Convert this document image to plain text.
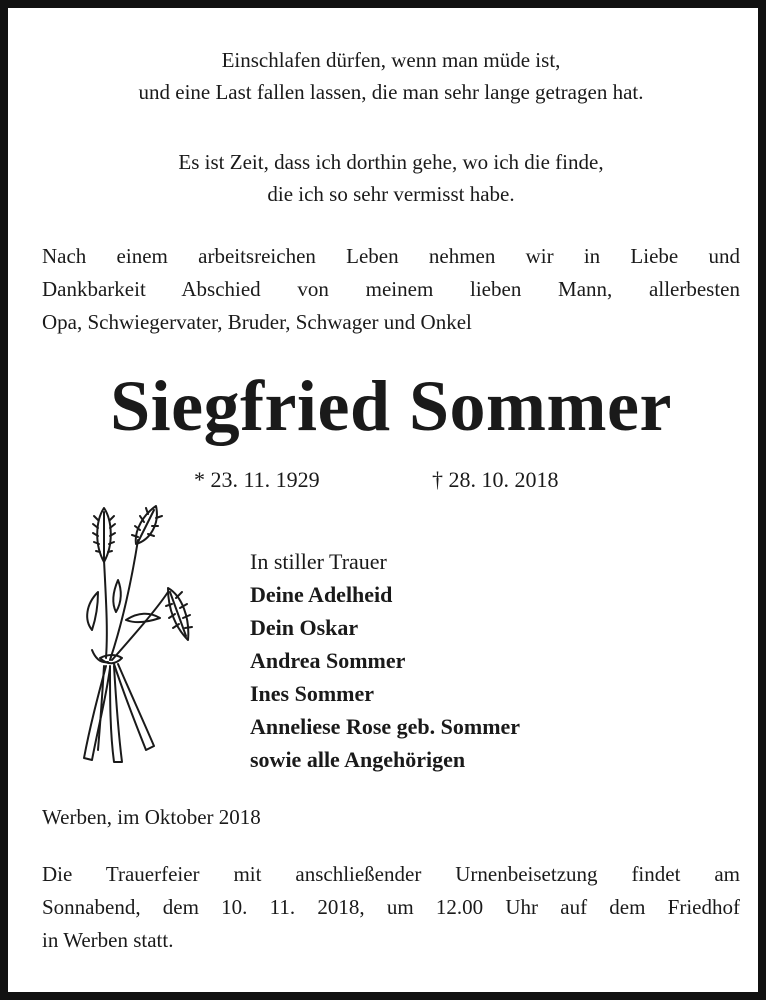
Einschlafen dürfen, wenn man müde ist,

und eine Last fallen lassen, die man sehr lange getragen hat.

Es ist Zeit, dass ich dorthin gehe, wo ich die finde,

die ich so sehr vermisst habe.

Nach einem arbeitsreichen Leben nehmen wir in Liebe und
Dankbarkeit Abschied von meinem lieben Mann, allerbesten
Opa, Schwiegervater, Bruder, Schwager und Onkel
Siegfried Sommer
* 23. 11. 1929	† 28. 10. 2018
In stiller Trauer
Deine Adelheid
Dein Oskar
Andrea Sommer
Ines Sommer
Anneliese Rose geb. Sommer
sowie alle Angehörigen
Werben, im Oktober 2018
Die Trauerfeier mit anschließender Urnenbeisetzung findet am
Sonnabend, dem 10. 11. 2018, um 12.00 Uhr auf dem Friedhof
in Werben statt.
